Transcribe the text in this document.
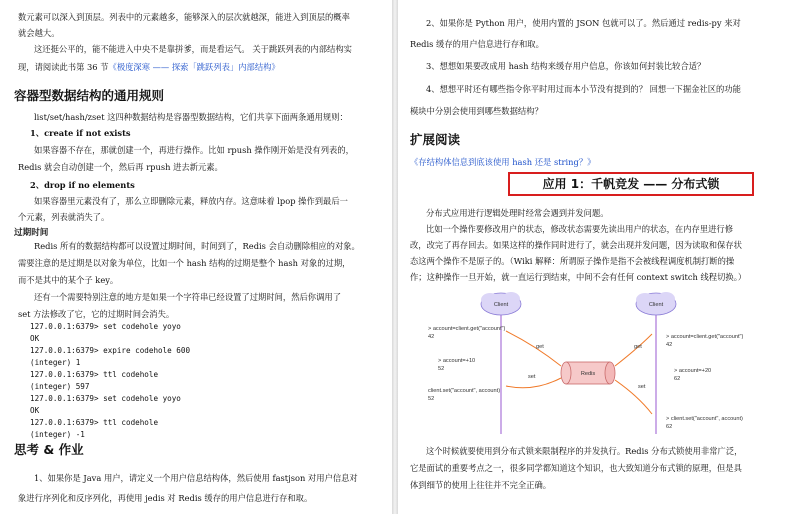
数元素可以深入到顶层。列表中的元素越多，能够深入的层次就越深，能进入到顶层的概率
就会越大。
这还挺公平的，能不能进入中央不是靠拼爹，而是看运气。 关于跳跃列表的内部结构实
现，请阅读此书第 36 节《极度深寒 —— 探索「跳跃列表」内部结构》
容器型数据结构的通用规则
list/set/hash/zset 这四种数据结构是容器型数据结构，它们共享下面两条通用规则：
1、create if not exists
如果容器不存在，那就创建一个，再进行操作。比如 rpush 操作刚开始是没有列表的，
Redis 就会自动创建一个，然后再 rpush 进去新元素。
2、drop if no elements
如果容器里元素没有了，那么立即删除元素，释放内存。这意味着 lpop 操作到最后一
个元素，列表就消失了。
过期时间
Redis 所有的数据结构都可以设置过期时间，时间到了，Redis 会自动删除相应的对象。
需要注意的是过期是以对象为单位，比如一个 hash 结构的过期是整个 hash 对象的过期，
而不是其中的某个子 key。
还有一个需要特别注意的地方是如果一个字符串已经设置了过期时间，然后你调用了
set 方法修改了它，它的过期时间会消失。
127.0.0.1:6379> set codehole yoyo
OK
127.0.0.1:6379> expire codehole 600
(integer) 1
127.0.0.1:6379> ttl codehole
(integer) 597
127.0.0.1:6379> set codehole yoyo
OK
127.0.0.1:6379> ttl codehole
(integer) -1
思考 & 作业
1、如果你是 Java 用户，请定义一个用户信息结构体，然后使用 fastjson 对用户信息对
象进行序列化和反序列化，再使用 jedis 对 Redis 缓存的用户信息进行存和取。
2、如果你是 Python 用户，使用内置的 JSON 包就可以了。然后通过 redis-py 来对
Redis 缓存的用户信息进行存和取。
3、想想如果要改成用 hash 结构来缓存用户信息，你该如何封装比较合适？
4、想想平时还有哪些指令你平时用过而本小节没有提到的？ 回想一下掘金社区的功能
模块中分别会使用到哪些数据结构？
扩展阅读
《存结构体信息到底该使用 hash 还是 string？》
应用 1：千帆竞发 —— 分布式锁
分布式应用进行逻辑处理时经常会遇到并发问题。
比如一个操作要修改用户的状态，修改状态需要先读出用户的状态，在内存里进行修
改，改完了再存回去。如果这样的操作同时进行了，就会出现并发问题，因为读取和保存状
态这两个操作不是原子的。（Wiki 解释：所谓原子操作是指不会被线程调度机制打断的操
作；这种操作一旦开始，就一直运行到结束，中间不会有任何 context switch 线程切换。）
Client	Client
Redis
get
set
get
set
> account=client.get("account")
42
> account=+10
52
client.set("account", account)
52
> account=client.get("account")
42
> account=+20
62
> client.set("account", account)
62
这个时候就要使用到分布式锁来限制程序的并发执行。Redis 分布式锁使用非常广泛，
它是面试的重要考点之一，很多同学都知道这个知识，也大致知道分布式锁的原理，但是具
体到细节的使用上往往并不完全正确。
